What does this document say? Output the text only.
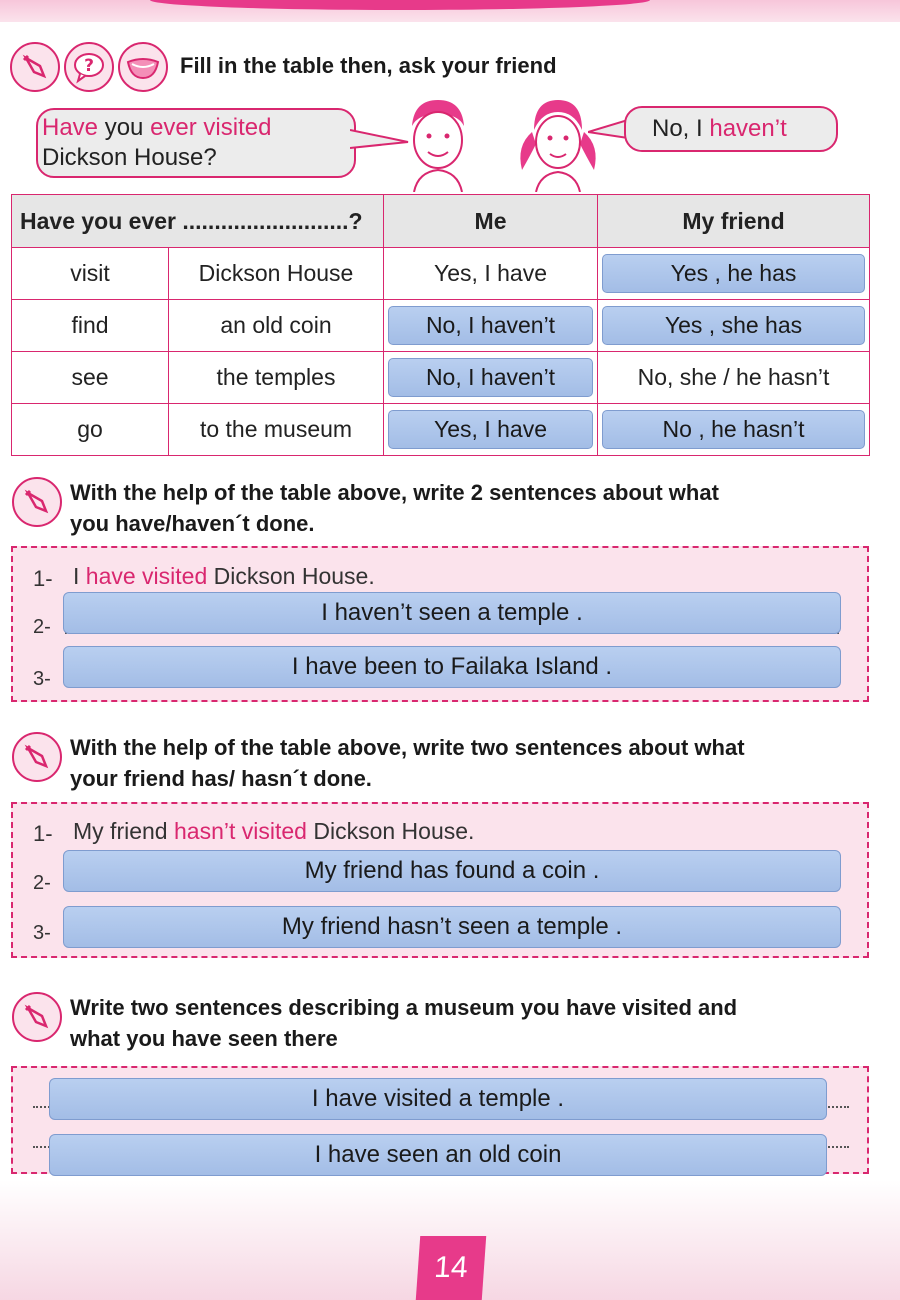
?	Fill in the table then, ask your friend
Have you ever visited
Dickson House?
No, I haven’t
Have you ever ..........................?		Me	My friend
visit	Dickson House	Yes, I have	Yes , he has

find	an old coin	No, I haven’t	Yes , she has

see	the temples	No, I haven’t	No, she / he hasn’t
go	to the museum	Yes, I have	No , he hasn’t
With the help of the table above, write 2 sentences about what
you have/haven´t done.
1- I have visited Dickson House.
2-
I haven’t seen a temple .
3-	I have been to Failaka Island .
With the help of the table above, write two sentences about what
your friend has/ hasn´t done.
1- My friend hasn’t visited Dickson House.
2-	My friend has found a coin .
3-	My friend hasn’t seen a temple .
Write two sentences describing a museum you have visited and
what you have seen there
I have visited a temple .
I have seen an old coin
14
